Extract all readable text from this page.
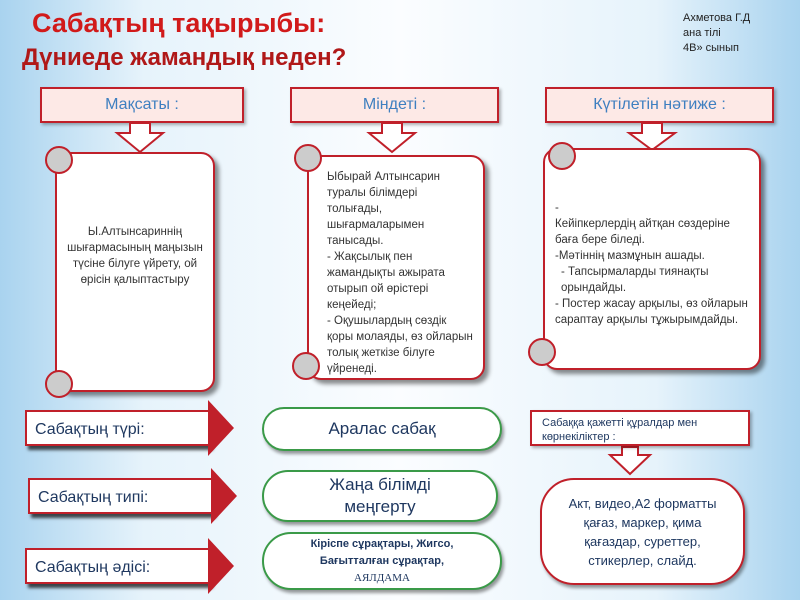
Сабақтың тақырыбы:
Дүниеде жамандық неден?
Ахметова Г.Д
ана тілі
4В» сынып
Мақсаты :	Міндеті :	Күтілетін нәтиже :
Ы.Алтынсариннің шығармасының маңызын түсіне білуге үйрету, ой өрісін қалыптастыру
Ыбырай Алтынсарин туралы білімдері толығады, шығармаларымен танысады.
- Жақсылық пен жамандықты ажырата отырып ой өрістері кеңейеді;
- Оқушылардың сөздік қоры молаяды, өз ойларын толық жеткізе білуге үйренеді.
-
Кейіпкерлердің айтқан сөздеріне баға бере біледі.
-Мәтіннің мазмұнын ашады.
- Тапсырмаларды тиянақты орындайды.
- Постер жасау арқылы, өз ойларын сараптау арқылы тұжырымдайды.
Сабақтың түрі:
Сабақтың типі:
Сабақтың әдісі:
Аралас сабақ
Жаңа білімді меңгерту
Кіріспе сұрақтары, Жигсо,
Бағытталған сұрақтар,
АЯЛДАМА
Сабаққа қажетті құралдар мен көрнекіліктер :
Акт, видео,А2 форматты қағаз, маркер, қима қағаздар, суреттер, стикерлер, слайд.
